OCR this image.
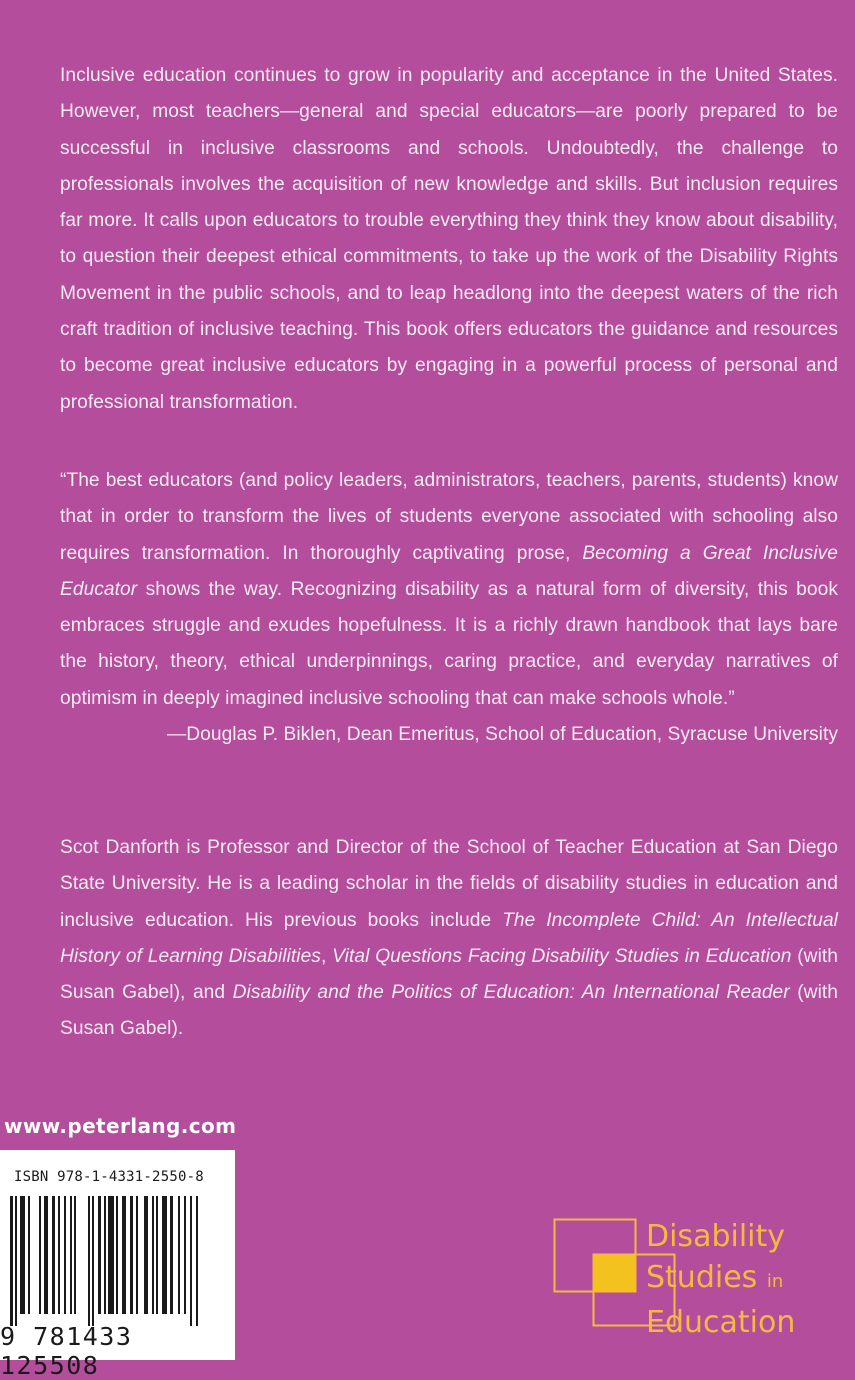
Inclusive education continues to grow in popularity and acceptance in the United States. However, most teachers—general and special educators—are poorly prepared to be successful in inclusive classrooms and schools. Undoubtedly, the challenge to professionals involves the acquisition of new knowledge and skills. But inclusion requires far more. It calls upon educators to trouble everything they think they know about disability, to question their deepest ethical commitments, to take up the work of the Disability Rights Movement in the public schools, and to leap headlong into the deepest waters of the rich craft tradition of inclusive teaching. This book offers educators the guidance and resources to become great inclusive educators by engaging in a powerful process of personal and professional transformation.

“The best educators (and policy leaders, administrators, teachers, parents, students) know that in order to transform the lives of students everyone associated with schooling also requires transformation. In thoroughly captivating prose, Becoming a Great Inclusive Educator shows the way. Recognizing disability as a natural form of diversity, this book embraces struggle and exudes hopefulness. It is a richly drawn handbook that lays bare the history, theory, ethical underpinnings, caring practice, and everyday narratives of optimism in deeply imagined inclusive schooling that can make schools whole.”
—Douglas P. Biklen, Dean Emeritus, School of Education, Syracuse University

Scot Danforth is Professor and Director of the School of Teacher Education at San Diego State University. He is a leading scholar in the fields of disability studies in education and inclusive education. His previous books include The Incomplete Child: An Intellectual History of Learning Disabilities, Vital Questions Facing Disability Studies in Education (with Susan Gabel), and Disability and the Politics of Education: An International Reader (with Susan Gabel).

www.peterlang.com
ISBN 978-1-4331-2550-8
9 781433 125508
Disability
Studies in
Education
